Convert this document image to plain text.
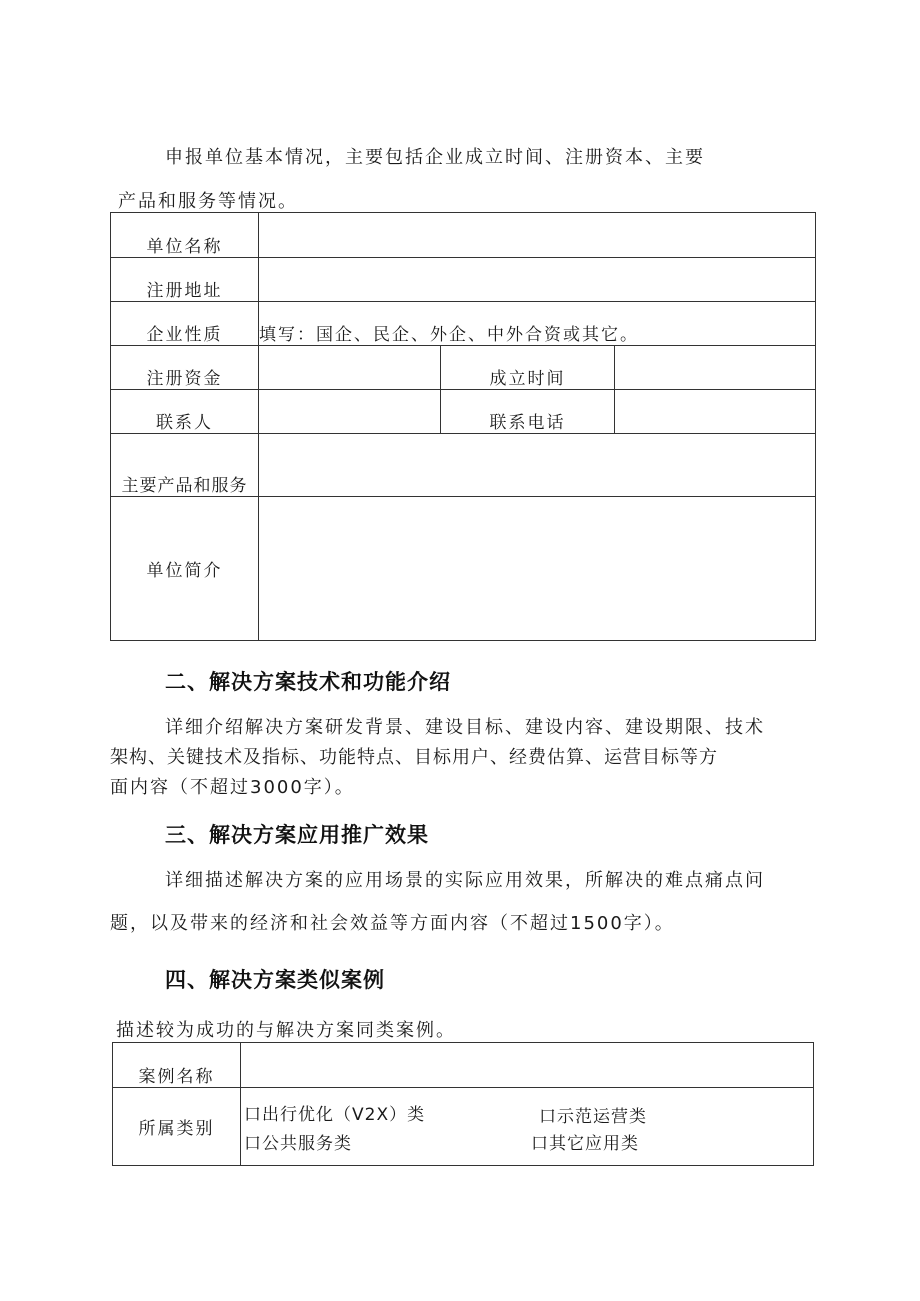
申报单位基本情况，主要包括企业成立时间、注册资本、主要
产品和服务等情况。
单位名称			
注册地址			
企业性质	填写：国企、民企、外企、中外合资或其它。		
注册资金		成立时间	
联系人		联系电话	
主要产品和服务			
单位简介			
二、解决方案技术和功能介绍
详细介绍解决方案研发背景、建设目标、建设内容、建设期限、技术
架构、关键技术及指标、功能特点、目标用户、经费估算、运营目标等方
面内容（不超过3000字）。
三、解决方案应用推广效果
详细描述解决方案的应用场景的实际应用效果，所解决的难点痛点问
题，以及带来的经济和社会效益等方面内容（不超过1500字）。
四、解决方案类似案例
描述较为成功的与解决方案同类案例。
案例名称	
所属类别	口出行优化（V2X）类 口示范运营类
口公共服务类 口其它应用类
